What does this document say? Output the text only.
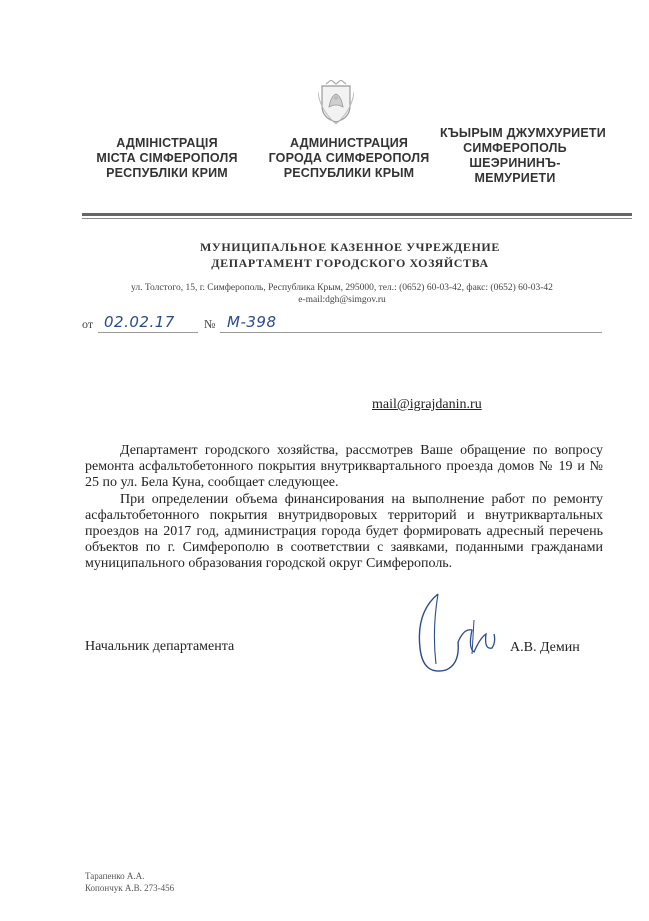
АДМІНІСТРАЦІЯ
МІСТА СІМФЕРОПОЛЯ
РЕСПУБЛІКИ КРИМ
АДМИНИСТРАЦИЯ
ГОРОДА СИМФЕРОПОЛЯ
РЕСПУБЛИКИ КРЫМ
КЪЫРЫМ ДЖУМХУРИЕТИ
СИМФЕРОПОЛЬ
ШЕЭРИНИНЪ-
МЕМУРИЕТИ
МУНИЦИПАЛЬНОЕ КАЗЕННОЕ УЧРЕЖДЕНИЕ
ДЕПАРТАМЕНТ ГОРОДСКОГО ХОЗЯЙСТВА
ул. Толстого, 15, г. Симферополь, Республика Крым, 295000, тел.: (0652) 60-03-42, факс: (0652) 60-03-42
e-mail:dgh@simgov.ru
от 02.02.17 № М-398
mail@igrajdanin.ru

Департамент городского хозяйства, рассмотрев Ваше обращение по вопросу ремонта асфальтобетонного покрытия внутриквартального проезда домов № 19 и № 25 по ул. Бела Куна, сообщает следующее.

При определении объема финансирования на выполнение работ по ремонту асфальтобетонного покрытия внутридворовых территорий и внутриквартальных проездов на 2017 год, администрация города будет формировать адресный перечень объектов по г. Симферополю в соответствии с заявками, поданными гражданами муниципального образования городской округ Симферополь.

Начальник департамента	А.В. Демин
Тарапенко А.А.
Копончук А.В. 273-456
